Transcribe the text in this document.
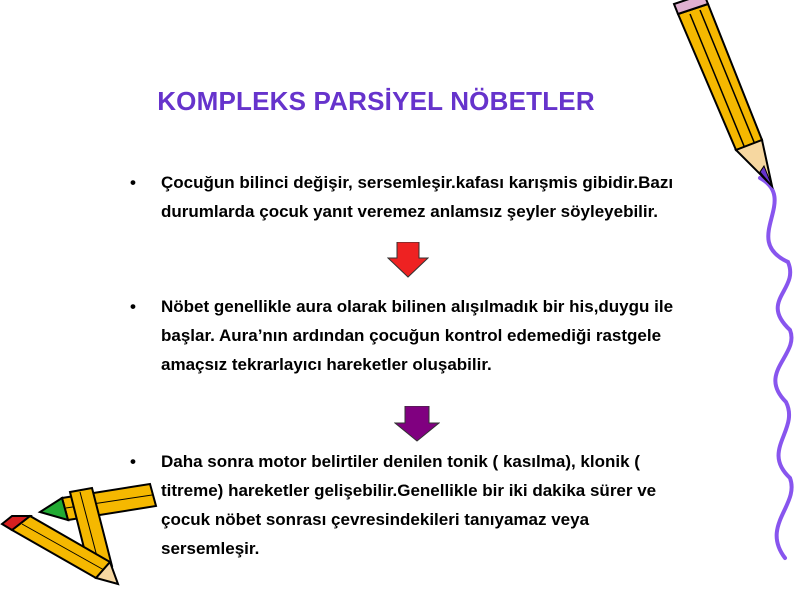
KOMPLEKS PARSİYEL NÖBETLER
•	Çocuğun bilinci değişir, sersemleşir.kafası karışmis gibidir.Bazı durumlarda çocuk yanıt veremez anlamsız şeyler söyleyebilir.
•	Nöbet genellikle aura olarak bilinen alışılmadık bir his,duygu ile başlar. Aura’nın ardından çocuğun kontrol edemediği rastgele amaçsız tekrarlayıcı hareketler oluşabilir.
•	Daha sonra motor belirtiler denilen tonik ( kasılma), klonik ( titreme) hareketler gelişebilir.Genellikle bir iki dakika sürer ve çocuk nöbet sonrası çevresindekileri tanıyamaz veya sersemleşir.
